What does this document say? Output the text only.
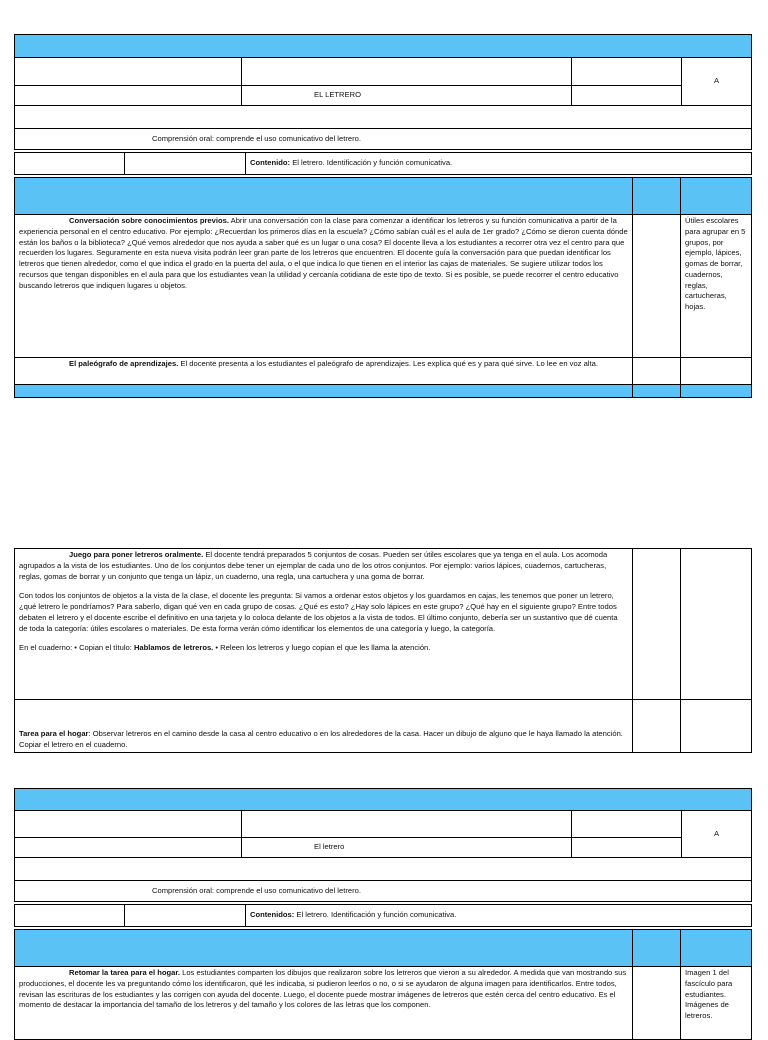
			A
	EL LETRERO		

Comprensión oral: comprende el uso comunicativo del letrero.			
		Contenido: El letrero. Identificación y función comunicativa.

Conversación sobre conocimientos previos. Abrir una conversación con la clase para comenzar a identificar los letreros y su función comunicativa a partir de la experiencia personal en el centro educativo. Por ejemplo: ¿Recuerdan los primeros días en la escuela? ¿Cómo sabían cuál es el aula de 1er grado? ¿Cómo se dieron cuenta dónde están los baños o la biblioteca? ¿Qué vemos alrededor que nos ayuda a saber qué es un lugar o una cosa? El docente lleva a los estudiantes a recorrer otra vez el centro para que recuerden los lugares. Seguramente en esta nueva visita podrán leer gran parte de los letreros que encuentren. El docente guía la conversación para que puedan identificar los letreros que tienen alrededor, como el que indica el grado en la puerta del aula, o el que indica lo que tienen en el interior las cajas de materiales. Se sugiere utilizar todos los recursos que tengan disponibles en el aula para que los estudiantes vean la utilidad y cercanía cotidiana de este tipo de texto. Si es posible, se puede recorrer el centro educativo buscando letreros que indiquen lugares u objetos.		Útiles escolares para agrupar en 5 grupos, por ejemplo, lápices, gomas de borrar, cuadernos, reglas, cartucheras, hojas.

El paleógrafo de aprendizajes. El docente presenta a los estudiantes el paleógrafo de aprendizajes. Les explica qué es y para qué sirve. Lo lee en voz alta.		

Juego para poner letreros oralmente. El docente tendrá preparados 5 conjuntos de cosas. Pueden ser útiles escolares que ya tenga en el aula. Los acomoda agrupados a la vista de los estudiantes. Uno de los conjuntos debe tener un ejemplar de cada uno de los otros conjuntos. Por ejemplo: varios lápices, cuadernos, cartucheras, reglas, gomas de borrar y un conjunto que tenga un lápiz, un cuaderno, una regla, una cartuchera y una goma de borrar.

Con todos los conjuntos de objetos a la vista de la clase, el docente les pregunta: Si vamos a ordenar estos objetos y los guardamos en cajas, les tenemos que poner un letrero, ¿qué letrero le pondríamos? Para saberlo, digan qué ven en cada grupo de cosas. ¿Qué es esto? ¿Hay solo lápices en este grupo? ¿Qué hay en el siguiente grupo? Entre todos debaten el letrero y el docente escribe el definitivo en una tarjeta y lo coloca delante de los objetos a la vista de todos. El último conjunto, debería ser un sustantivo que dé cuenta de toda la categoría: útiles escolares o materiales. De esta forma verán cómo identificar los elementos de una categoría y luego, la categoría.

En el cuaderno: • Copian el título: Hablamos de letreros. • Releen los letreros y luego copian el que les llama la atención.		

Tarea para el hogar: Observar letreros en el camino desde la casa al centro educativo o en los alrededores de la casa. Hacer un dibujo de alguno que le haya llamado la atención. Copiar el letrero en el cuaderno.		

			A
	El letrero		

Comprensión oral: comprende el uso comunicativo del letrero.			
		Contenidos: El letrero. Identificación y función comunicativa.

Retomar la tarea para el hogar. Los estudiantes comparten los dibujos que realizaron sobre los letreros que vieron a su alrededor. A medida que van mostrando sus producciones, el docente les va preguntando cómo los identificaron, qué les indicaba, si pudieron leerlos o no, o si se ayudaron de alguna imagen para identificarlos. Entre todos, revisan las escrituras de los estudiantes y las corrigen con ayuda del docente. Luego, el docente puede mostrar imágenes de letreros que estén cerca del centro educativo. Es el momento de destacar la importancia del tamaño de los letreros y del tamaño y los colores de las letras que los componen.		Imagen 1 del fascículo para estudiantes. Imágenes de letreros.
